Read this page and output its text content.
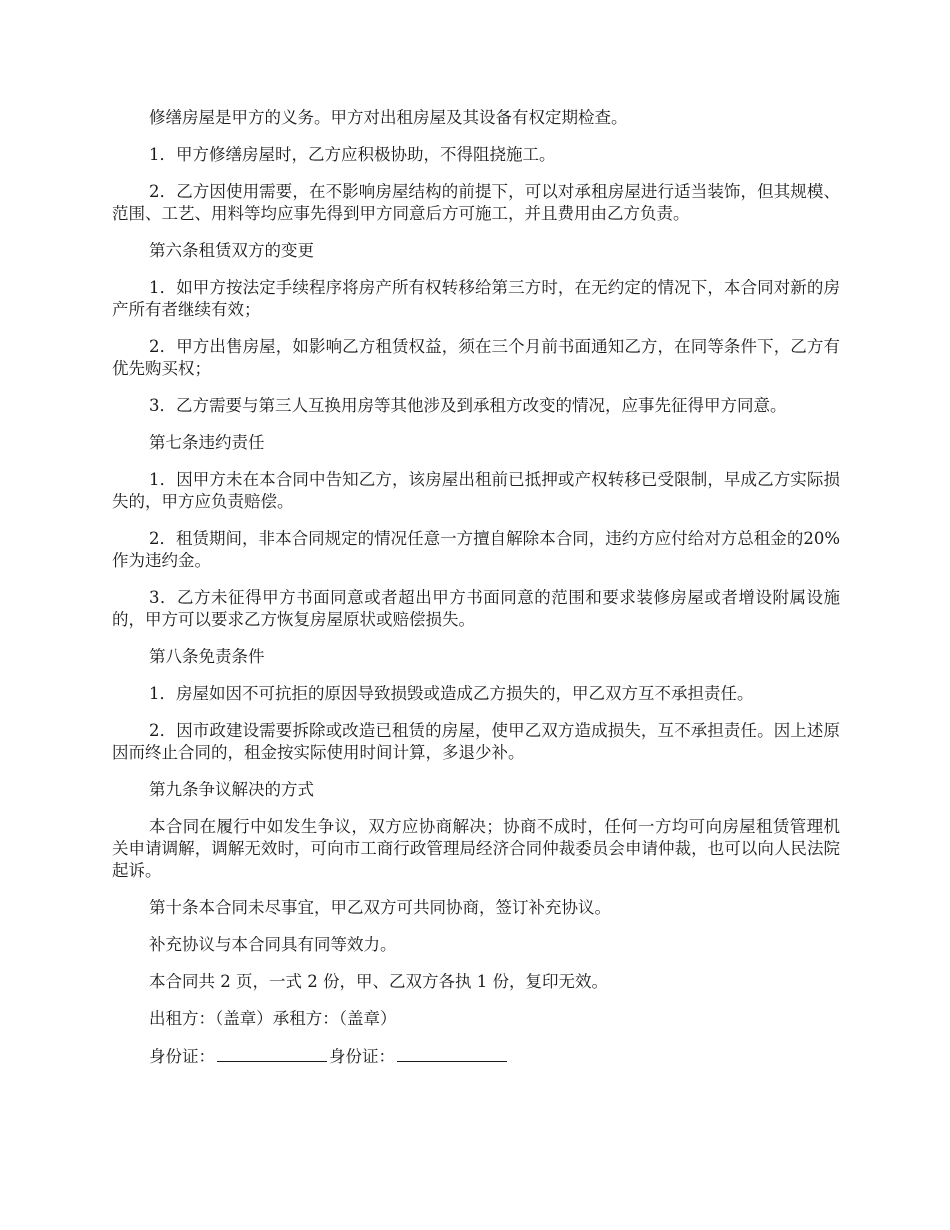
修缮房屋是甲方的义务。甲方对出租房屋及其设备有权定期检查。

1．甲方修缮房屋时，乙方应积极协助，不得阻挠施工。

2．乙方因使用需要，在不影响房屋结构的前提下，可以对承租房屋进行适当装饰，但其规模、范围、工艺、用料等均应事先得到甲方同意后方可施工，并且费用由乙方负责。

第六条租赁双方的变更

1．如甲方按法定手续程序将房产所有权转移给第三方时，在无约定的情况下，本合同对新的房产所有者继续有效；

2．甲方出售房屋，如影响乙方租赁权益，须在三个月前书面通知乙方，在同等条件下，乙方有优先购买权；

3．乙方需要与第三人互换用房等其他涉及到承租方改变的情况，应事先征得甲方同意。

第七条违约责任

1．因甲方未在本合同中告知乙方，该房屋出租前已抵押或产权转移已受限制，早成乙方实际损失的，甲方应负责赔偿。

2．租赁期间，非本合同规定的情况任意一方擅自解除本合同，违约方应付给对方总租金的20%作为违约金。

3．乙方未征得甲方书面同意或者超出甲方书面同意的范围和要求装修房屋或者增设附属设施的，甲方可以要求乙方恢复房屋原状或赔偿损失。

第八条免责条件

1．房屋如因不可抗拒的原因导致损毁或造成乙方损失的，甲乙双方互不承担责任。

2．因市政建设需要拆除或改造已租赁的房屋，使甲乙双方造成损失，互不承担责任。因上述原因而终止合同的，租金按实际使用时间计算，多退少补。

第九条争议解决的方式

本合同在履行中如发生争议，双方应协商解决；协商不成时，任何一方均可向房屋租赁管理机关申请调解，调解无效时，可向市工商行政管理局经济合同仲裁委员会申请仲裁，也可以向人民法院起诉。

第十条本合同未尽事宜，甲乙双方可共同协商，签订补充协议。

补充协议与本合同具有同等效力。

本合同共 2 页，一式 2 份，甲、乙双方各执 1 份，复印无效。

出租方：（盖章）承租方：（盖章）

身份证：	身份证：
